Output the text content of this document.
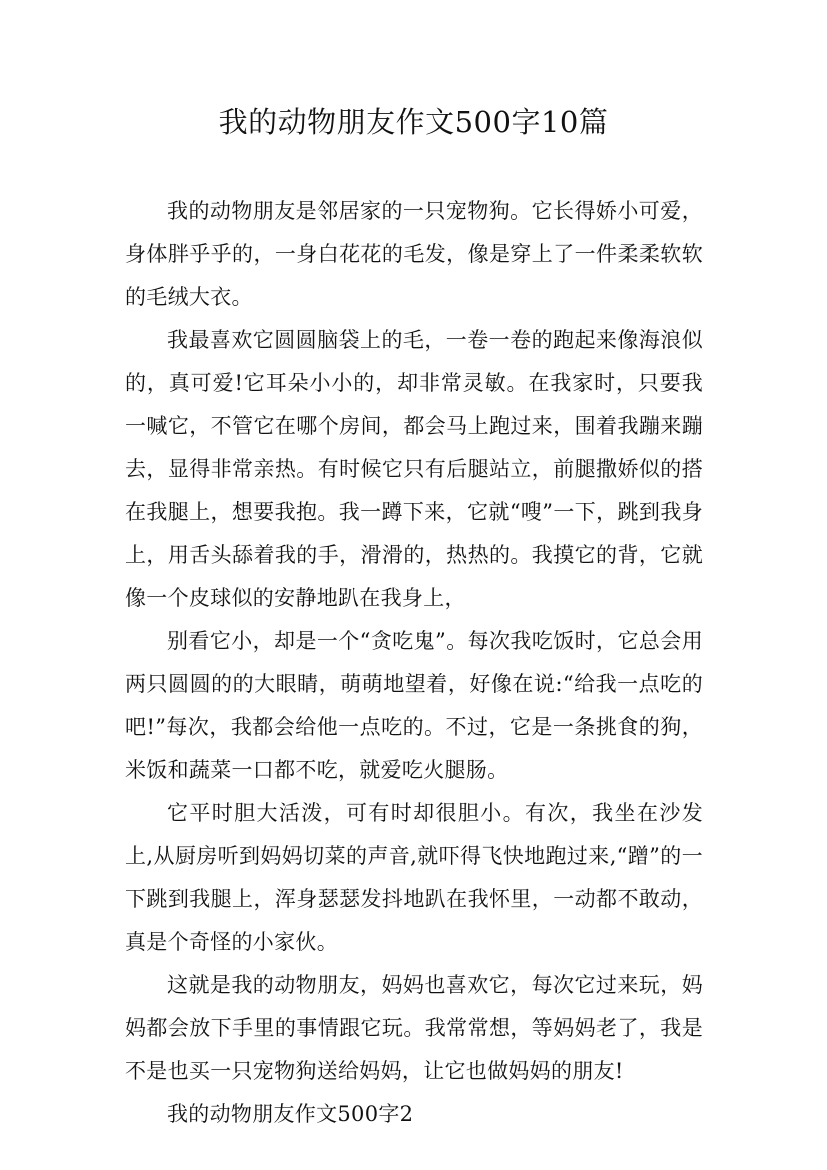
我的动物朋友作文500字10篇

我的动物朋友是邻居家的一只宠物狗。它长得娇小可爱，身体胖乎乎的，一身白花花的毛发，像是穿上了一件柔柔软软的毛绒大衣。

我最喜欢它圆圆脑袋上的毛，一卷一卷的跑起来像海浪似的，真可爱!它耳朵小小的，却非常灵敏。在我家时，只要我一喊它，不管它在哪个房间，都会马上跑过来，围着我蹦来蹦去，显得非常亲热。有时候它只有后腿站立，前腿撒娇似的搭在我腿上，想要我抱。我一蹲下来，它就“嗖”一下，跳到我身上，用舌头舔着我的手，滑滑的，热热的。我摸它的背，它就像一个皮球似的安静地趴在我身上，

别看它小，却是一个“贪吃鬼”。每次我吃饭时，它总会用两只圆圆的的大眼睛，萌萌地望着，好像在说:“给我一点吃的吧!”每次，我都会给他一点吃的。不过，它是一条挑食的狗，米饭和蔬菜一口都不吃，就爱吃火腿肠。

它平时胆大活泼，可有时却很胆小。有次，我坐在沙发上,从厨房听到妈妈切菜的声音,就吓得飞快地跑过来,“蹭”的一下跳到我腿上，浑身瑟瑟发抖地趴在我怀里，一动都不敢动，真是个奇怪的小家伙。

这就是我的动物朋友，妈妈也喜欢它，每次它过来玩，妈妈都会放下手里的事情跟它玩。我常常想，等妈妈老了，我是不是也买一只宠物狗送给妈妈，让它也做妈妈的朋友!

我的动物朋友作文500字2
